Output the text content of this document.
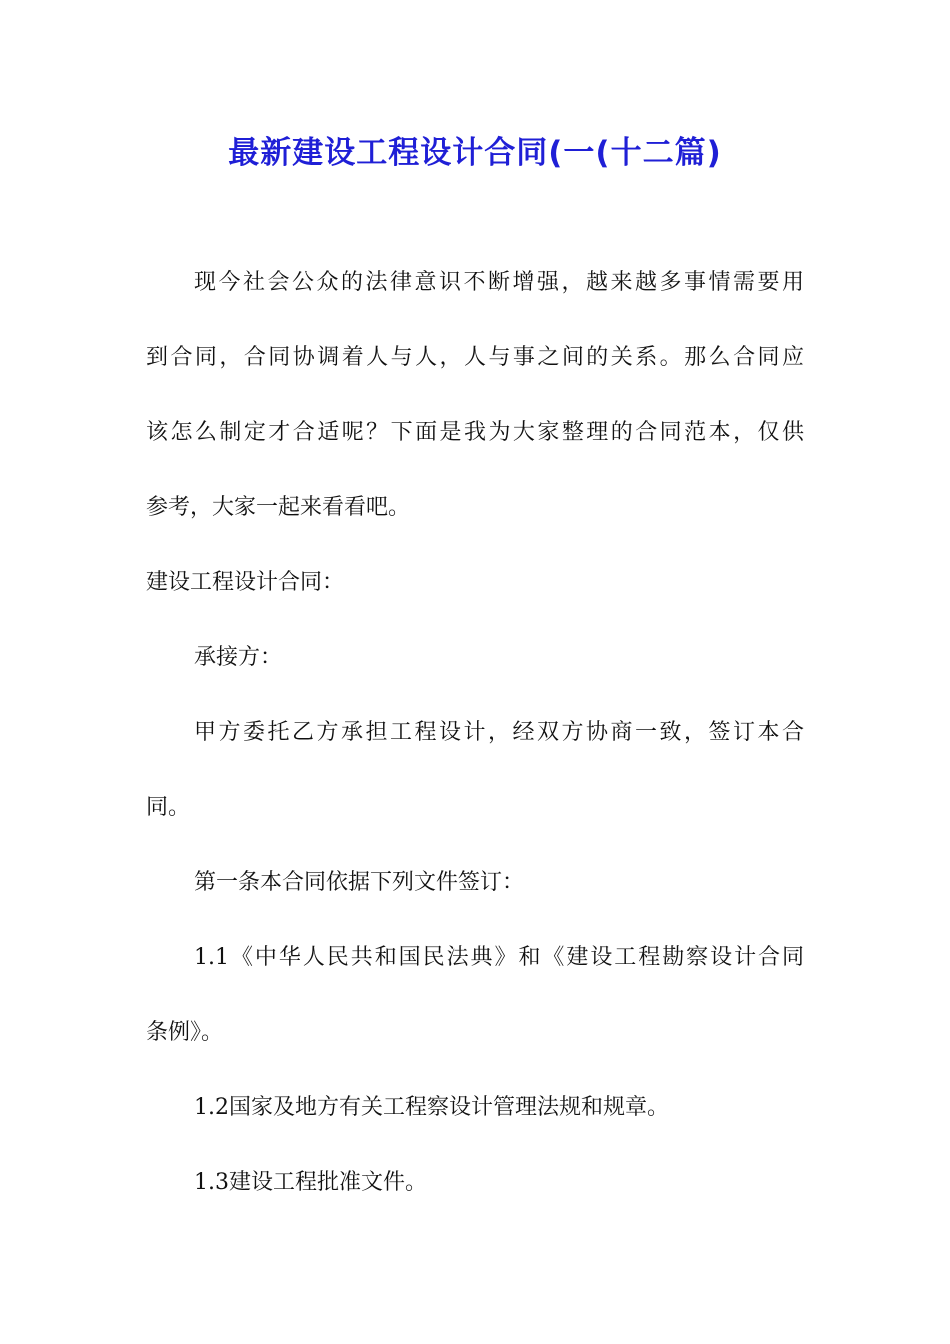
最新建设工程设计合同(一(十二篇)

现今社会公众的法律意识不断增强，越来越多事情需要用

到合同，合同协调着人与人，人与事之间的关系。那么合同应

该怎么制定才合适呢？下面是我为大家整理的合同范本，仅供

参考，大家一起来看看吧。

建设工程设计合同：

承接方：

甲方委托乙方承担工程设计，经双方协商一致，签订本合

同。

第一条本合同依据下列文件签订：

1.1《中华人民共和国民法典》和《建设工程勘察设计合同

条例》。

1.2国家及地方有关工程察设计管理法规和规章。

1.3建设工程批准文件。
